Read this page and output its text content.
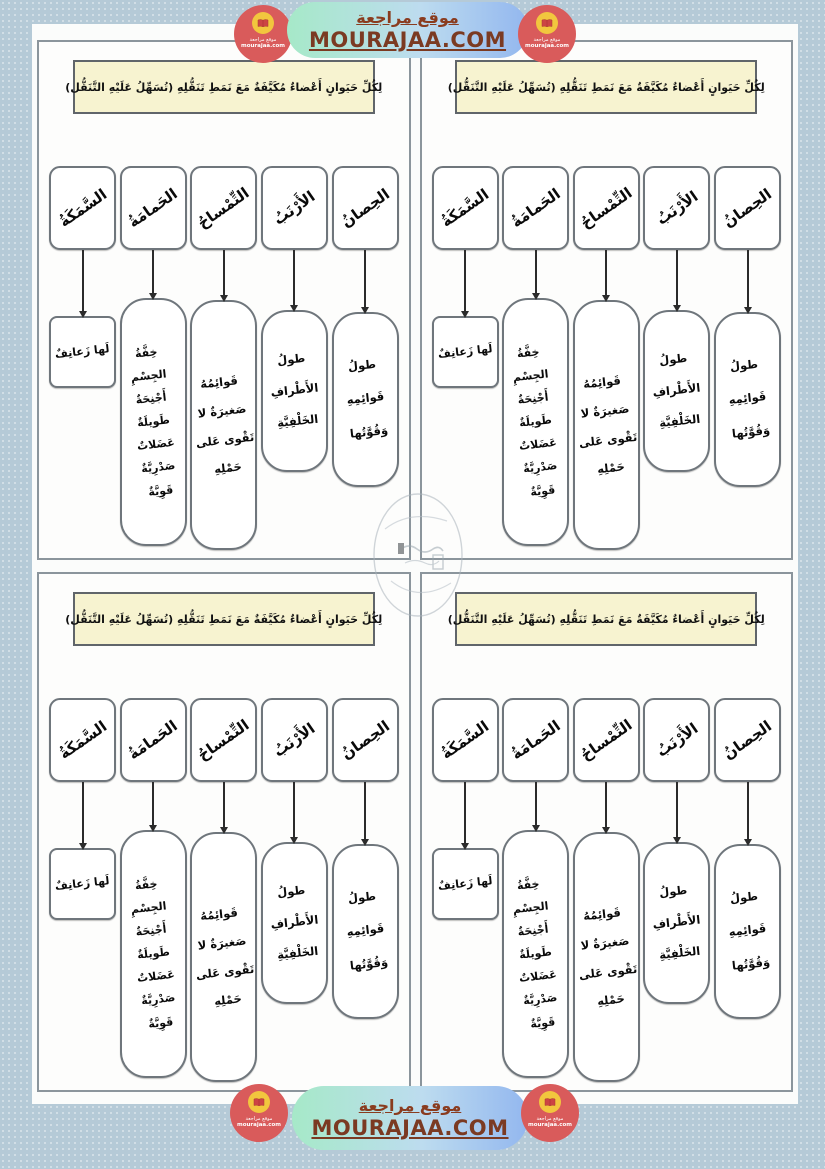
لِكُلِّ حَيَوانٍ أَعْضاءٌ مُكَيَّفَةٌ مَعَ نَمَطِ تَنَقُّلِهِ (تُسَهِّلُ عَلَيْهِ التَّنَقُّل)
الحِصانُ
طولُ قَوائِمِهِ وَقُوَّتُها
الأَرْنَبُ
طولُ الأَطْرافِ الخَلْفِيَّةِ
التِّمْساحُ
قَوائِمُهُ صَغيرَةٌ لا تَقْوى عَلى حَمْلِهِ
الحَمامَةُ
خِفَّةُ الجِسْمِ أَجْنِحَةٌ طَويلَةٌ عَضَلاتٌ صَدْرِيَّةٌ قَوِيَّةٌ
السَّمَكَةُ
لَها زَعانِفٌ
لِكُلِّ حَيَوانٍ أَعْضاءٌ مُكَيَّفَةٌ مَعَ نَمَطِ تَنَقُّلِهِ (تُسَهِّلُ عَلَيْهِ التَّنَقُّل)
الحِصانُ
طولُ قَوائِمِهِ وَقُوَّتُها
الأَرْنَبُ
طولُ الأَطْرافِ الخَلْفِيَّةِ
التِّمْساحُ
قَوائِمُهُ صَغيرَةٌ لا تَقْوى عَلى حَمْلِهِ
الحَمامَةُ
خِفَّةُ الجِسْمِ أَجْنِحَةٌ طَويلَةٌ عَضَلاتٌ صَدْرِيَّةٌ قَوِيَّةٌ
السَّمَكَةُ
لَها زَعانِفٌ
لِكُلِّ حَيَوانٍ أَعْضاءٌ مُكَيَّفَةٌ مَعَ نَمَطِ تَنَقُّلِهِ (تُسَهِّلُ عَلَيْهِ التَّنَقُّل)
الحِصانُ
طولُ قَوائِمِهِ وَقُوَّتُها
الأَرْنَبُ
طولُ الأَطْرافِ الخَلْفِيَّةِ
التِّمْساحُ
قَوائِمُهُ صَغيرَةٌ لا تَقْوى عَلى حَمْلِهِ
الحَمامَةُ
خِفَّةُ الجِسْمِ أَجْنِحَةٌ طَويلَةٌ عَضَلاتٌ صَدْرِيَّةٌ قَوِيَّةٌ
السَّمَكَةُ
لَها زَعانِفٌ
لِكُلِّ حَيَوانٍ أَعْضاءٌ مُكَيَّفَةٌ مَعَ نَمَطِ تَنَقُّلِهِ (تُسَهِّلُ عَلَيْهِ التَّنَقُّل)
الحِصانُ
طولُ قَوائِمِهِ وَقُوَّتُها
الأَرْنَبُ
طولُ الأَطْرافِ الخَلْفِيَّةِ
التِّمْساحُ
قَوائِمُهُ صَغيرَةٌ لا تَقْوى عَلى حَمْلِهِ
الحَمامَةُ
خِفَّةُ الجِسْمِ أَجْنِحَةٌ طَويلَةٌ عَضَلاتٌ صَدْرِيَّةٌ قَوِيَّةٌ
السَّمَكَةُ
لَها زَعانِفٌ
موقع مراجعة
mourajaa.com
موقع مراجعة
MOURAJAA.COM	موقع مراجعة
mourajaa.com
موقع مراجعة
mourajaa.com
موقع مراجعة
MOURAJAA.COM	موقع مراجعة
mourajaa.com
